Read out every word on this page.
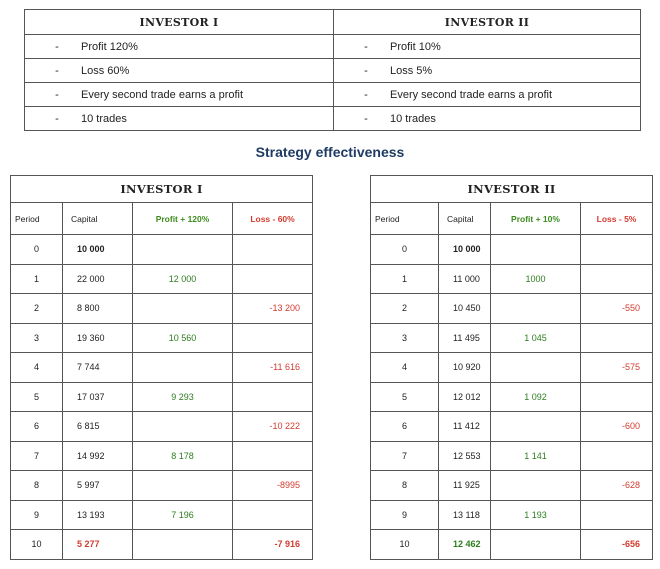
INVESTOR I	INVESTOR II

- Profit 120%	- Profit 10%

- Loss 60%	- Loss 5%

- Every second trade earns a profit	- Every second trade earns a profit

- 10 trades	- 10 trades
Strategy effectiveness
INVESTOR I			
Period	Capital	Profit + 120%	Loss - 60%
0	10 000		
1	22 000	12 000	
2	8 800		-13 200
3	19 360	10 560	
4	7 744		-11 616
5	17 037	9 293	
6	6 815		-10 222
7	14 992	8 178	
8	5 997		-8995
9	13 193	7 196	
10	5 277		-7 916
INVESTOR II			
Period	Capital	Profit + 10%	Loss - 5%
0	10 000		
1	11 000	1000	
2	10 450		-550
3	11 495	1 045	
4	10 920		-575
5	12 012	1 092	
6	11 412		-600
7	12 553	1 141	
8	11 925		-628
9	13 118	1 193	
10	12 462		-656
